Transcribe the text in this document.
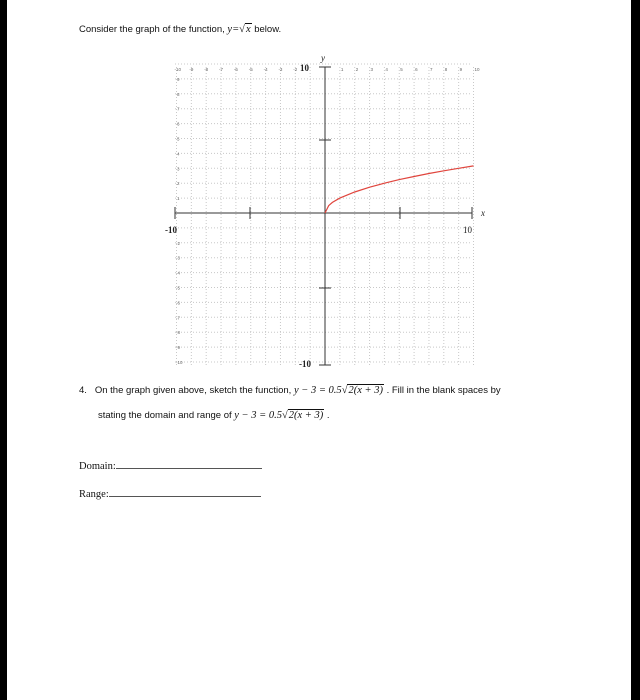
Consider the graph of the function, y=√x below.
-10 -9 -8 -7 -6 -5 -4 -3 -2	1	2	3	4	5	6	7	8	9	10
9
8
7
6
5
4
3
2
1
-2
-3
-4
-5
-6
-7
-8
-9
-10
y
x
10
-10
-10	10
4. On the graph given above, sketch the function, y − 3 = 0.5√2(x + 3) . Fill in the blank spaces by
stating the domain and range of y − 3 = 0.5√2(x + 3) .
Domain:
Range:
